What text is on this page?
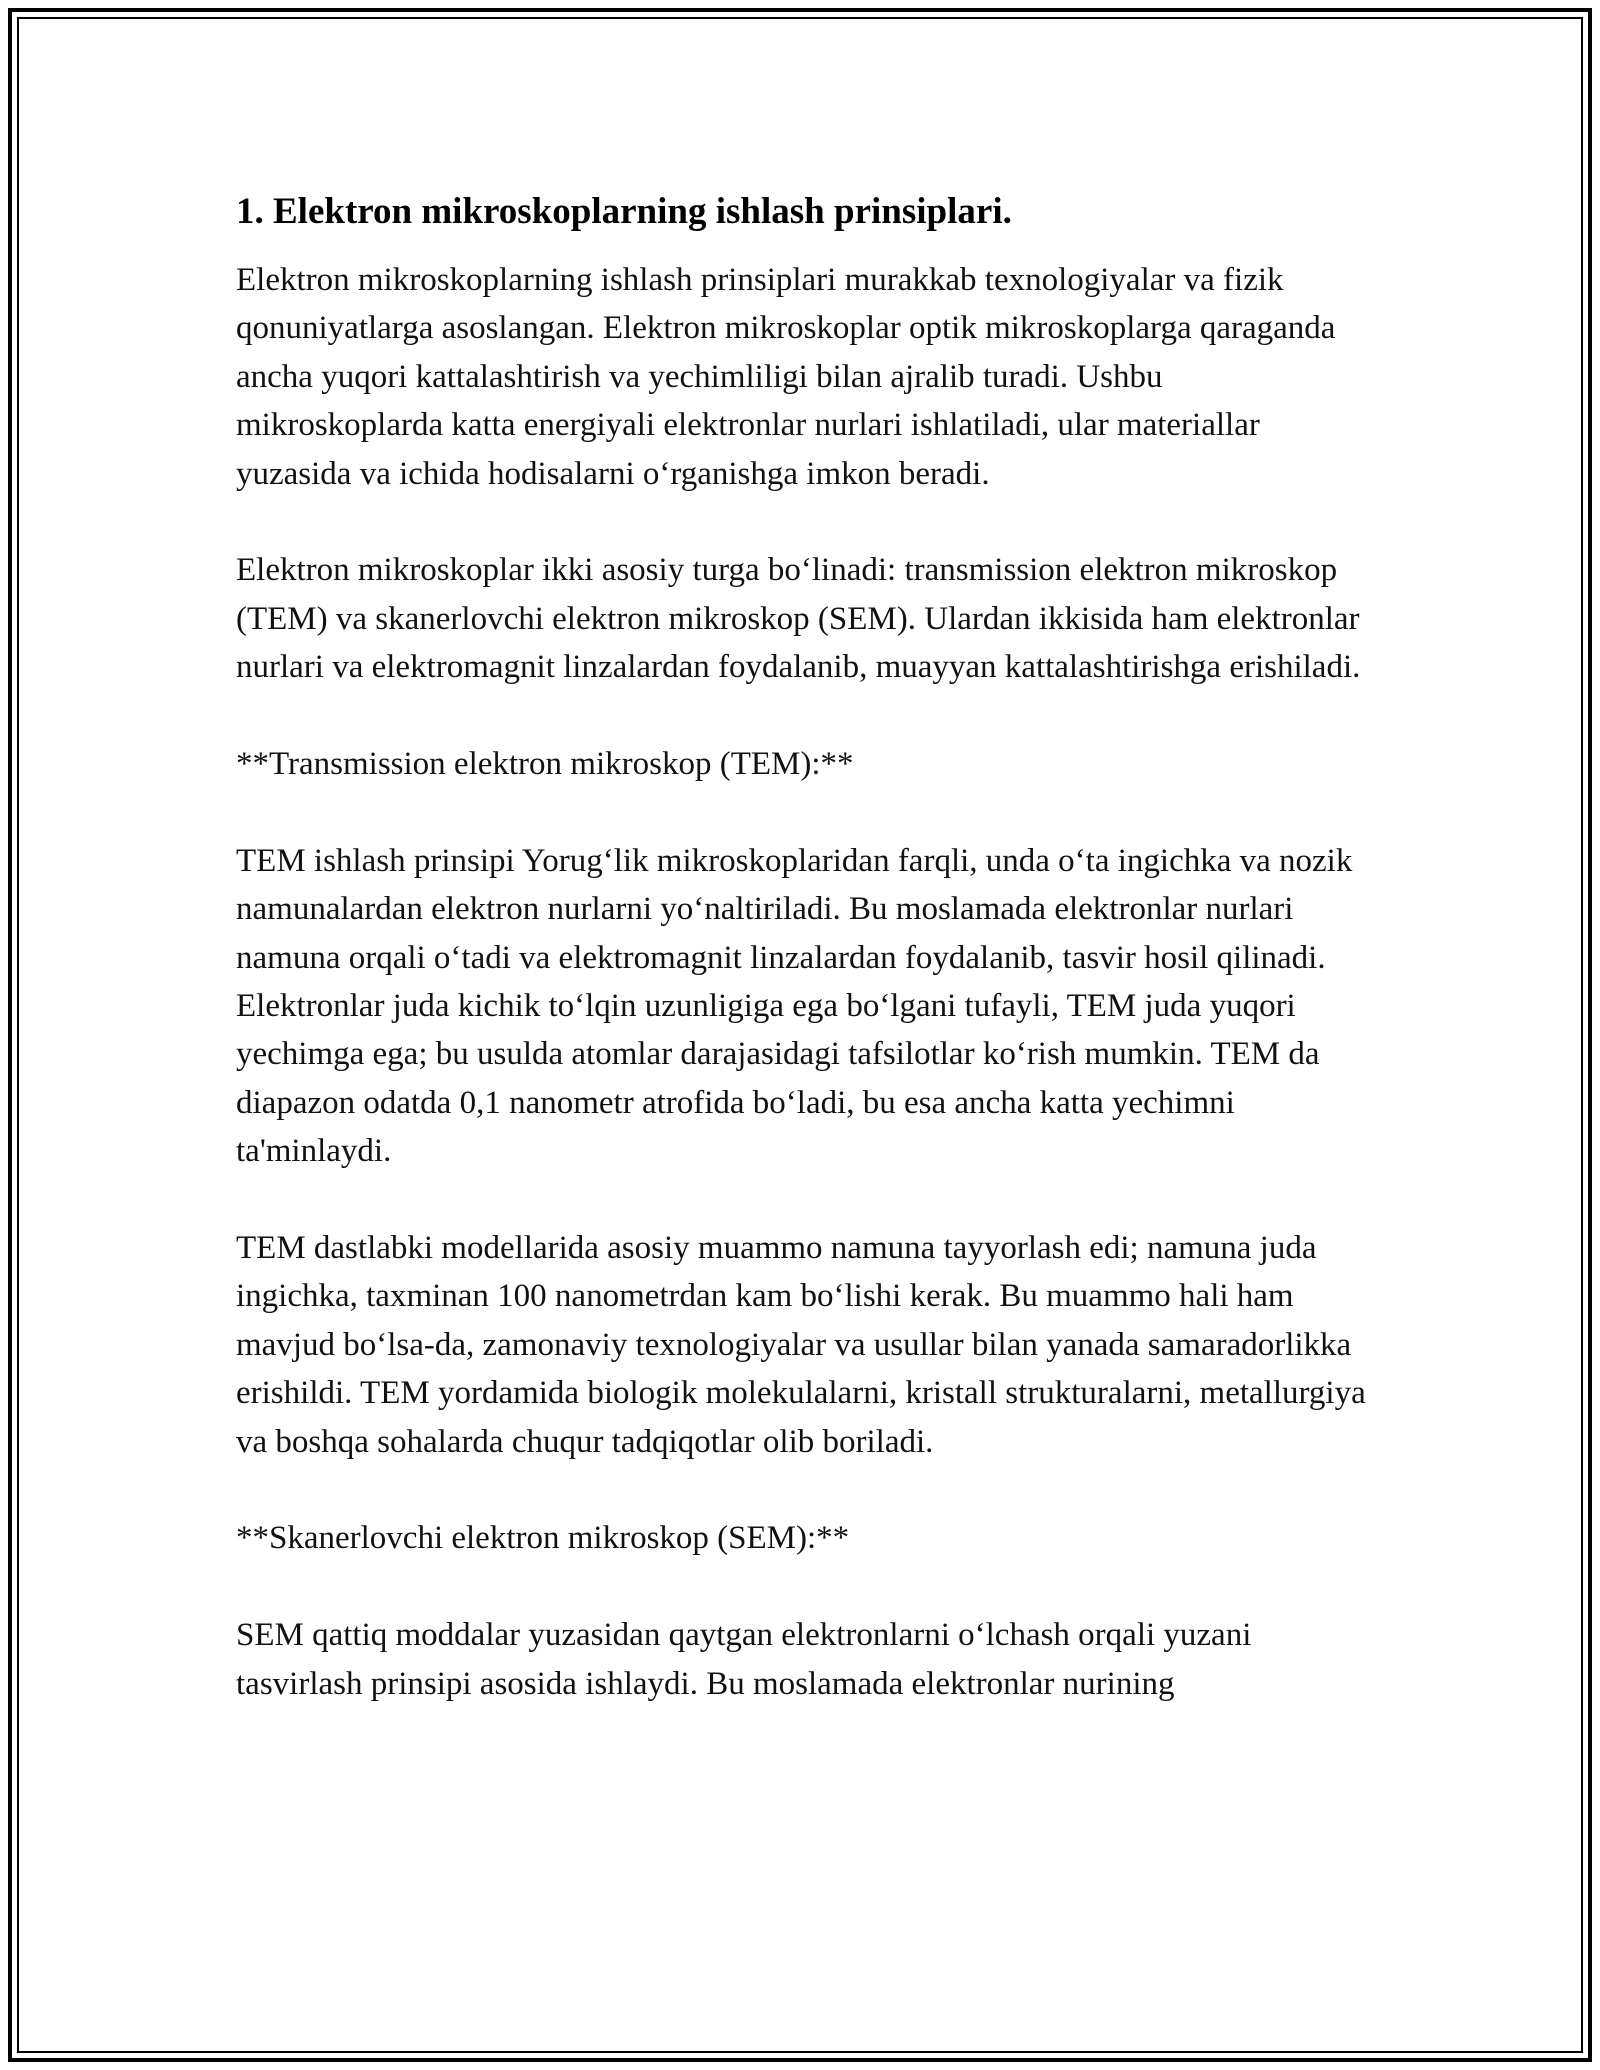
1. Elektron mikroskoplarning ishlash prinsiplari.

Elektron mikroskoplarning ishlash prinsiplari murakkab texnologiyalar va fizik qonuniyatlarga asoslangan. Elektron mikroskoplar optik mikroskoplarga qaraganda ancha yuqori kattalashtirish va yechimliligi bilan ajralib turadi. Ushbu mikroskoplarda katta energiyali elektronlar nurlari ishlatiladi, ular materiallar yuzasida va ichida hodisalarni oʻrganishga imkon beradi.

Elektron mikroskoplar ikki asosiy turga boʻlinadi: transmission elektron mikroskop (TEM) va skanerlovchi elektron mikroskop (SEM). Ulardan ikkisida ham elektronlar nurlari va elektromagnit linzalardan foydalanib, muayyan kattalashtirishga erishiladi.

**Transmission elektron mikroskop (TEM):**

TEM ishlash prinsipi Yorugʻlik mikroskoplaridan farqli, unda oʻta ingichka va nozik namunalardan elektron nurlarni yoʻnaltiriladi. Bu moslamada elektronlar nurlari namuna orqali oʻtadi va elektromagnit linzalardan foydalanib, tasvir hosil qilinadi. Elektronlar juda kichik toʻlqin uzunligiga ega boʻlgani tufayli, TEM juda yuqori yechimga ega; bu usulda atomlar darajasidagi tafsilotlar koʻrish mumkin. TEM da diapazon odatda 0,1 nanometr atrofida boʻladi, bu esa ancha katta yechimni ta'minlaydi.

TEM dastlabki modellarida asosiy muammo namuna tayyorlash edi; namuna juda ingichka, taxminan 100 nanometrdan kam boʻlishi kerak. Bu muammo hali ham mavjud boʻlsa-da, zamonaviy texnologiyalar va usullar bilan yanada samaradorlikka erishildi. TEM yordamida biologik molekulalarni, kristall strukturalarni, metallurgiya va boshqa sohalarda chuqur tadqiqotlar olib boriladi.

**Skanerlovchi elektron mikroskop (SEM):**

SEM qattiq moddalar yuzasidan qaytgan elektronlarni oʻlchash orqali yuzani tasvirlash prinsipi asosida ishlaydi. Bu moslamada elektronlar nurining
